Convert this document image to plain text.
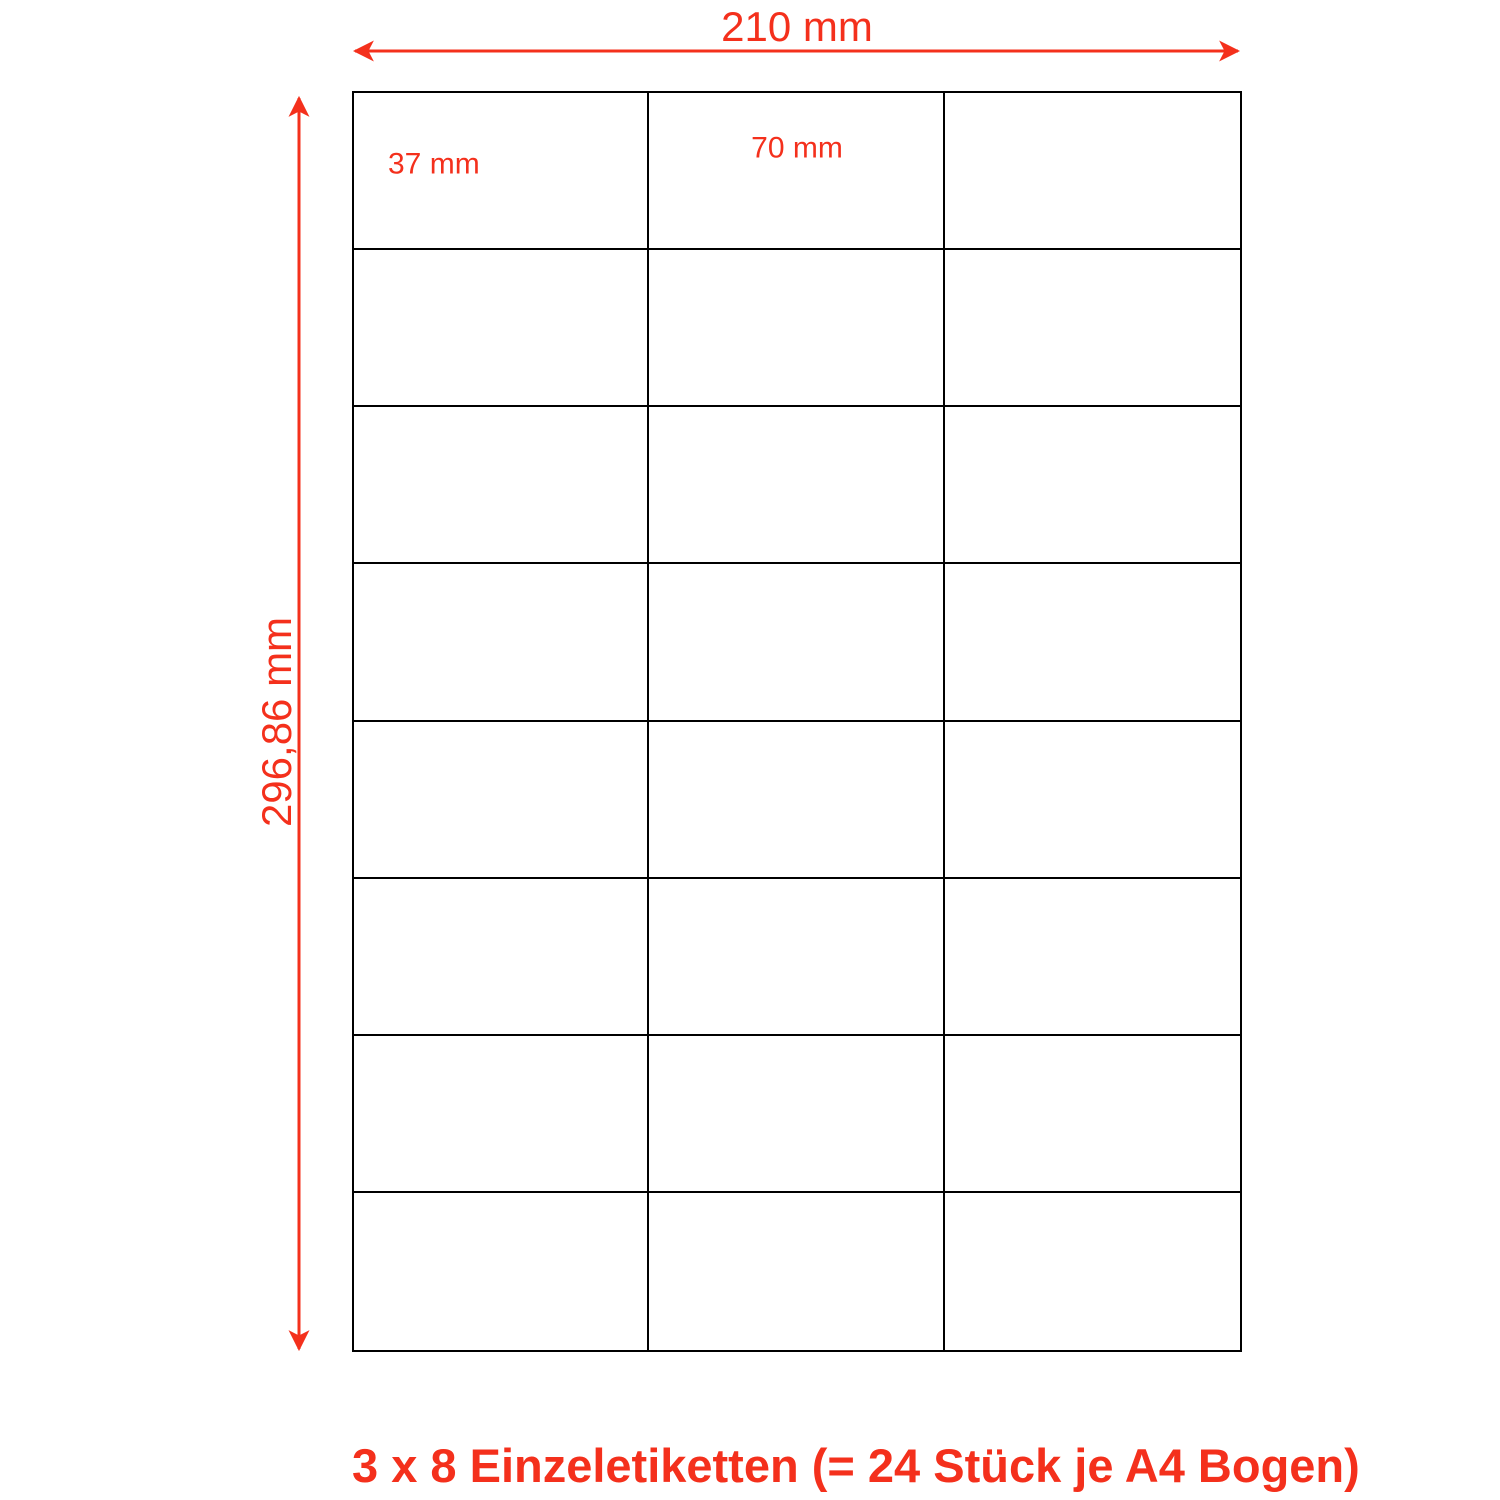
210 mm
296,86 mm
37 mm	70 mm
3 x 8 Einzeletiketten (= 24 Stück je A4 Bogen)
